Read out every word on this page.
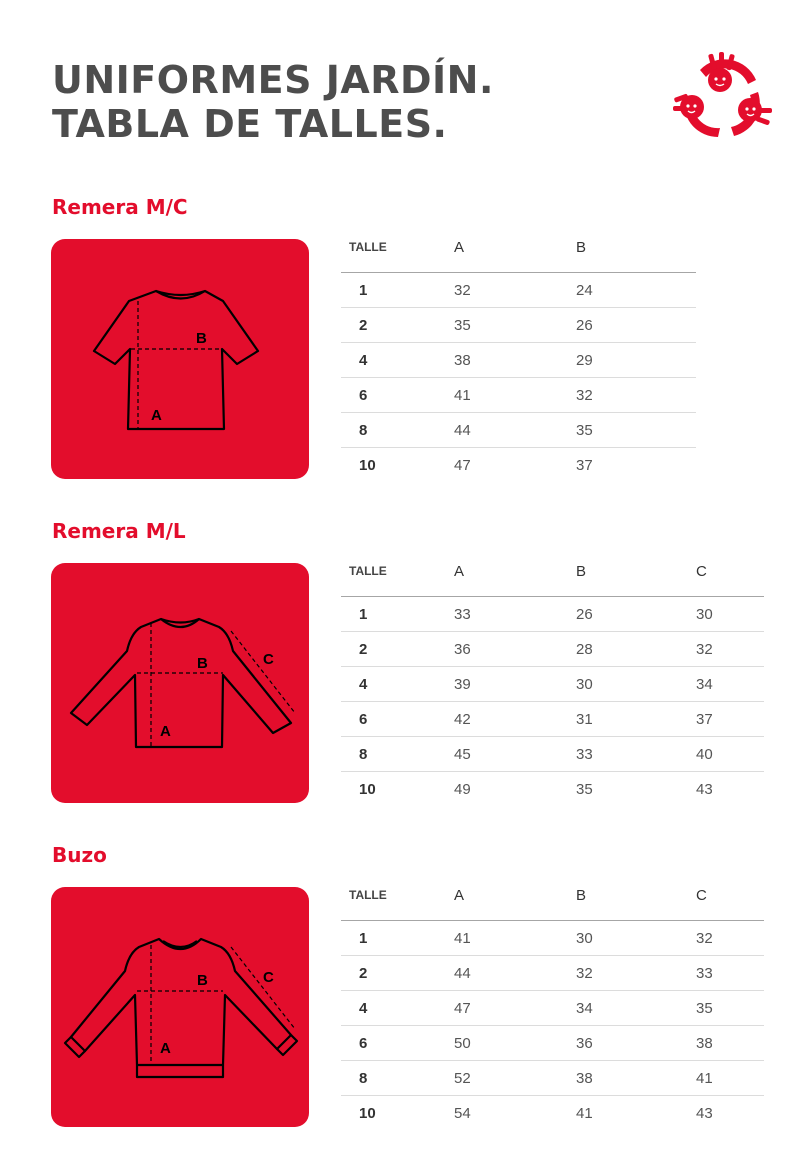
UNIFORMES JARDÍN.
TABLA DE TALLES.
Remera M/C
B
A
TALLE	A	B
1	32	24
2	35	26
4	38	29
6	41	32
8	44	35
10	47	37
Remera M/L
B	C
A
TALLE	A	B	C
1	33	26	30
2	36	28	32
4	39	30	34
6	42	31	37
8	45	33	40
10	49	35	43
Buzo
B	C
A
TALLE	A	B	C
1	41	30	32
2	44	32	33
4	47	34	35
6	50	36	38
8	52	38	41
10	54	41	43
